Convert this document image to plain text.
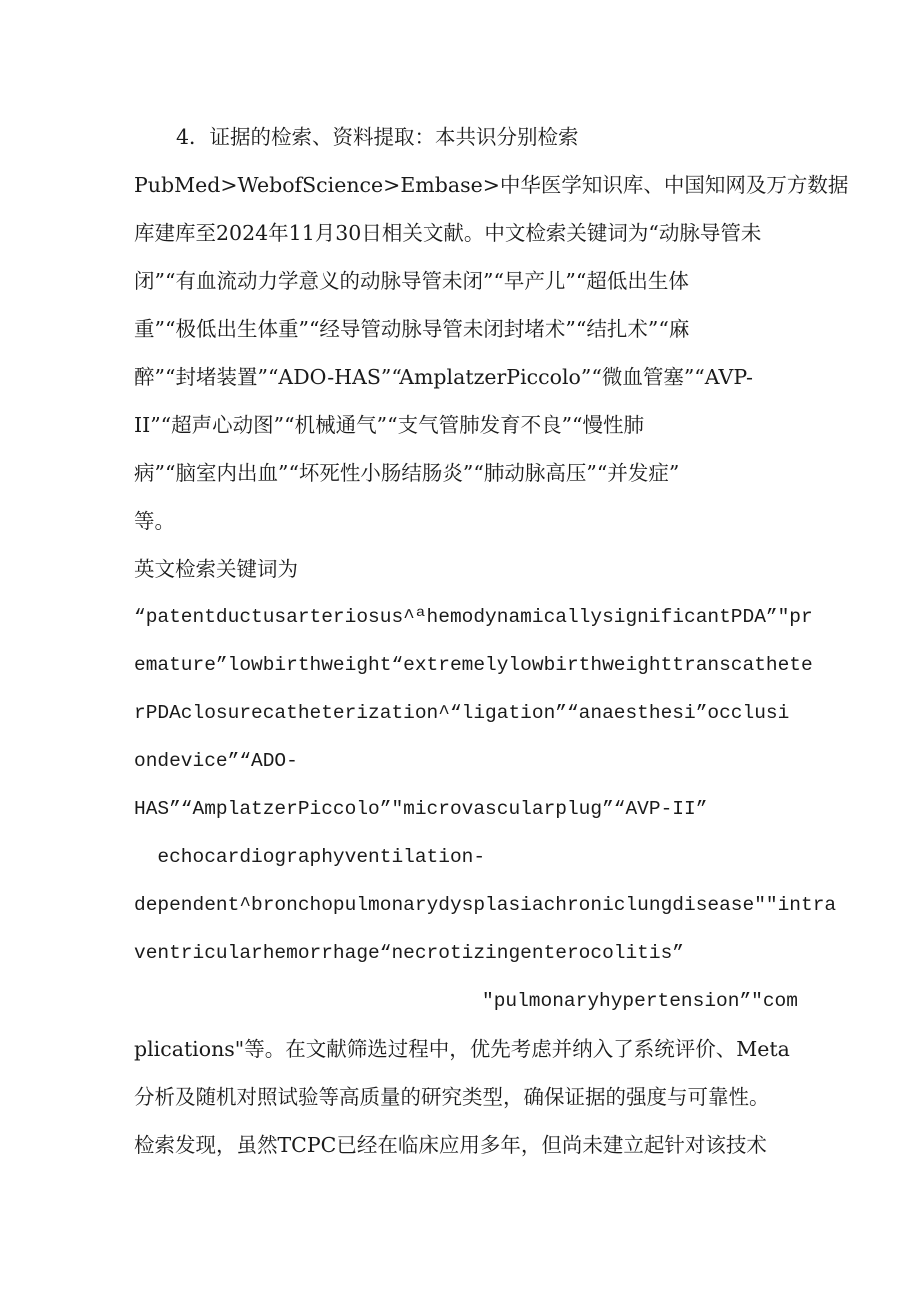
4．证据的检索、资料提取：本共识分别检索
PubMed>WebofScience>Embase>中华医学知识库、中国知网及万方数据
库建库至2024年11月30日相关文献。中文检索关键词为“动脉导管未
闭”“有血流动力学意义的动脉导管未闭”“早产儿”“超低出生体
重”“极低出生体重”“经导管动脉导管未闭封堵术”“结扎术”“麻
醉”“封堵装置”“ADO-HAS”“AmplatzerPiccolo”“微血管塞”“AVP-
II”“超声心动图”“机械通气”“支气管肺发育不良”“慢性肺
病”“脑室内出血”“坏死性小肠结肠炎”“肺动脉高压”“并发症”
等。
英文检索关键词为
“patentductusarteriosus^ªhemodynamicallysignificantPDA”"pr
emature”lowbirthweight“extremelylowbirthweighttranscathete
rPDAclosurecatheterization^“ligation”“anaesthesi”occlusi
ondevice”“ADO-
HAS”“AmplatzerPiccolo”"microvascularplug”“AVP-II”
echocardiographyventilation-
dependent^bronchopulmonarydysplasiachroniclungdisease""intra
ventricularhemorrhage“necrotizingenterocolitis”
"pulmonaryhypertension”"com
plications"等。在文献筛选过程中，优先考虑并纳入了系统评价、Meta
分析及随机对照试验等高质量的研究类型，确保证据的强度与可靠性。
检索发现，虽然TCPC已经在临床应用多年，但尚未建立起针对该技术
